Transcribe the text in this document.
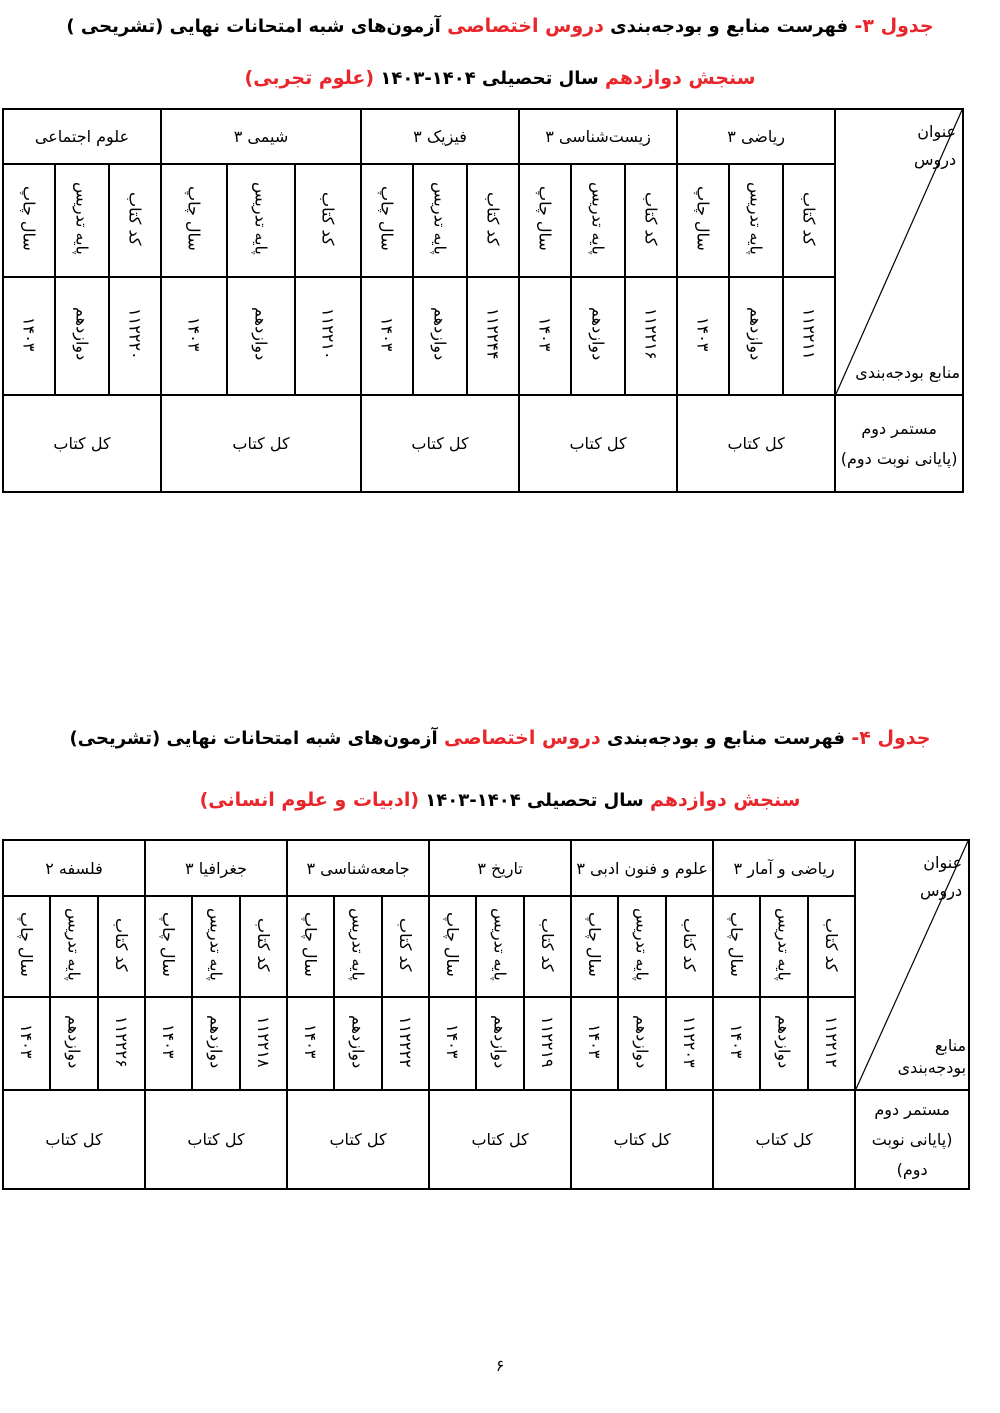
جدول ۳- فهرست منابع و بودجه‌بندی دروس اختصاصی آزمون‌های شبه امتحانات نهایی (تشریحی )
سنجش دوازدهم سال تحصیلی ۱۴۰۴-۱۴۰۳ (علوم تجربی)
عنوان
دروس
منابع بودجه‌بندی	ریاضی ۳			زیست‌شناسی ۳			فیزیک ۳			شیمی ۳			علوم اجتماعی		
	کد کتاب	پایه تدریس	سال چاپ	کد کتاب	پایه تدریس	سال چاپ	کد کتاب	پایه تدریس	سال چاپ	کد کتاب	پایه تدریس	سال چاپ	کد کتاب	پایه تدریس	سال چاپ
	۱۱۲۲۱۱	دوازدهم	۱۴۰۳	۱۱۲۲۱۶	دوازدهم	۱۴۰۳	۱۱۲۲۴۴	دوازدهم	۱۴۰۳	۱۱۲۲۱۰	دوازدهم	۱۴۰۳	۱۱۲۲۲۰	دوازدهم	۱۴۰۳

مستمر دوم
(پایانی نوبت دوم)	کل کتاب			کل کتاب			کل کتاب			کل کتاب			کل کتاب		
جدول ۴- فهرست منابع و بودجه‌بندی دروس اختصاصی آزمون‌های شبه امتحانات نهایی (تشریحی)
سنجش دوازدهم سال تحصیلی ۱۴۰۴-۱۴۰۳ (ادبیات و علوم انسانی)
عنوان
دروس
منابع
بودجه‌بندی	ریاضی و آمار ۳			علوم و فنون ادبی ۳			تاریخ ۳			جامعه‌شناسی ۳			جغرافیا ۳			فلسفه ۲		
	کد کتاب	پایه تدریس	سال چاپ	کد کتاب	پایه تدریس	سال چاپ	کد کتاب	پایه تدریس	سال چاپ	کد کتاب	پایه تدریس	سال چاپ	کد کتاب	پایه تدریس	سال چاپ	کد کتاب	پایه تدریس	سال چاپ
	۱۱۲۲۱۲	دوازدهم	۱۴۰۳	۱۱۲۲۰۳	دوازدهم	۱۴۰۳	۱۱۲۲۱۹	دوازدهم	۱۴۰۳	۱۱۲۲۲۲	دوازدهم	۱۴۰۳	۱۱۲۲۱۸	دوازدهم	۱۴۰۳	۱۱۲۲۲۶	دوازدهم	۱۴۰۳

مستمر دوم
(پایانی نوبت
دوم)	کل کتاب			کل کتاب			کل کتاب			کل کتاب			کل کتاب			کل کتاب		
۶
